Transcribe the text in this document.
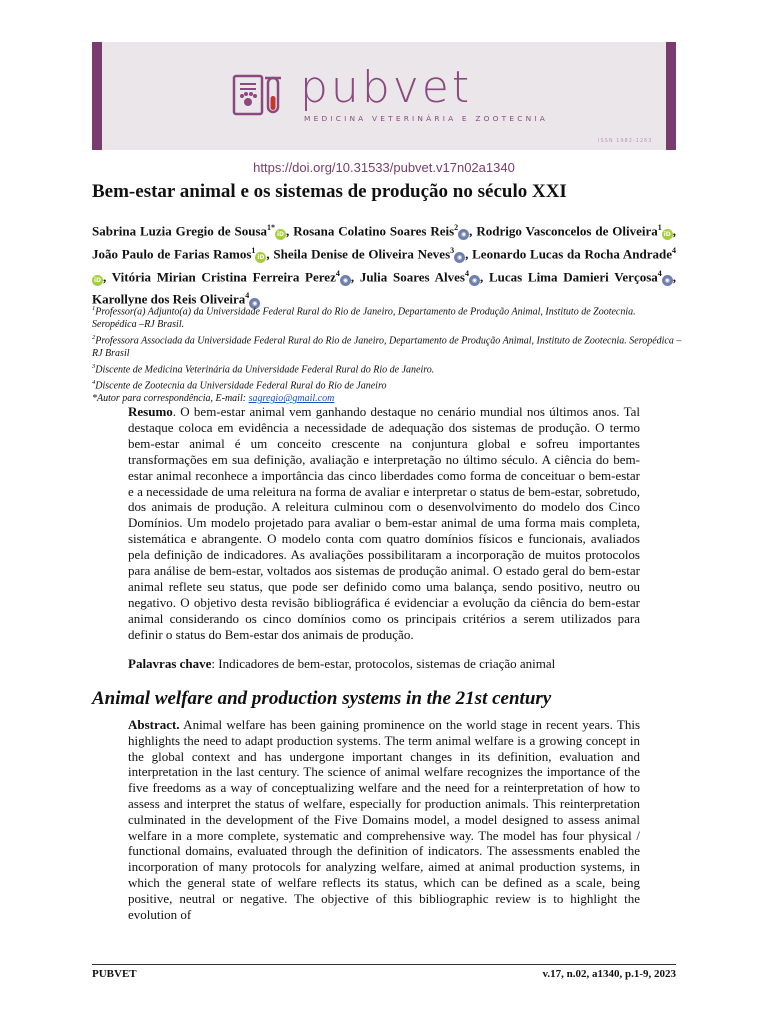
pubvet
MEDICINA VETERINÁRIA E ZOOTECNIA
ISSN 1982-1263
https://doi.org/10.31533/pubvet.v17n02a1340
Bem-estar animal e os sistemas de produção no século XXI
Sabrina Luzia Gregio de Sousa$^{1*}$iD , Rosana Colatino Soares Reis$^2$◉ , Rodrigo Vasconcelos de Oliveira$^1$iD , João Paulo de Farias Ramos$^1$iD , Sheila Denise de Oliveira Neves$^3$◉ , Leonardo Lucas da Rocha Andrade$^4$iD , Vitória Mirian Cristina Ferreira Perez$^4$◉ , Julia Soares Alves$^4$◉ , Lucas Lima Damieri Verçosa$^4$◉ , Karollyne dos Reis Oliveira$^4$◉
$^1$Professor(a) Adjunto(a) da Universidade Federal Rural do Rio de Janeiro, Departamento de Produção Animal, Instituto de Zootecnia. Seropédica –RJ Brasil.
$^2$Professora Associada da Universidade Federal Rural do Rio de Janeiro, Departamento de Produção Animal, Instituto de Zootecnia. Seropédica –RJ Brasil
$^3$Discente de Medicina Veterinária da Universidade Federal Rural do Rio de Janeiro.
$^4$Discente de Zootecnia da Universidade Federal Rural do Rio de Janeiro
*Autor para correspondência, E-mail: sagregio@gmail.com
Resumo. O bem-estar animal vem ganhando destaque no cenário mundial nos últimos anos. Tal destaque coloca em evidência a necessidade de adequação dos sistemas de produção. O termo bem-estar animal é um conceito crescente na conjuntura global e sofreu importantes transformações em sua definição, avaliação e interpretação no último século. A ciência do bem-estar animal reconhece a importância das cinco liberdades como forma de conceituar o bem-estar e a necessidade de uma releitura na forma de avaliar e interpretar o status de bem-estar, sobretudo, dos animais de produção. A releitura culminou com o desenvolvimento do modelo dos Cinco Domínios. Um modelo projetado para avaliar o bem-estar animal de uma forma mais completa, sistemática e abrangente. O modelo conta com quatro domínios físicos e funcionais, avaliados pela definição de indicadores. As avaliações possibilitaram a incorporação de muitos protocolos para análise de bem-estar, voltados aos sistemas de produção animal. O estado geral do bem-estar animal reflete seu status, que pode ser definido como uma balança, sendo positivo, neutro ou negativo. O objetivo desta revisão bibliográfica é evidenciar a evolução da ciência do bem-estar animal considerando os cinco domínios como os principais critérios a serem utilizados para definir o status do Bem-estar dos animais de produção.
Palavras chave: Indicadores de bem-estar, protocolos, sistemas de criação animal
Animal welfare and production systems in the 21st century
Abstract. Animal welfare has been gaining prominence on the world stage in recent years. This highlights the need to adapt production systems. The term animal welfare is a growing concept in the global context and has undergone important changes in its definition, evaluation and interpretation in the last century. The science of animal welfare recognizes the importance of the five freedoms as a way of conceptualizing welfare and the need for a reinterpretation of how to assess and interpret the status of welfare, especially for production animals. This reinterpretation culminated in the development of the Five Domains model, a model designed to assess animal welfare in a more complete, systematic and comprehensive way. The model has four physical / functional domains, evaluated through the definition of indicators. The assessments enabled the incorporation of many protocols for analyzing welfare, aimed at animal production systems, in which the general state of welfare reflects its status, which can be defined as a scale, being positive, neutral or negative. The objective of this bibliographic review is to highlight the evolution of
PUBVET	v.17, n.02, a1340, p.1-9, 2023
